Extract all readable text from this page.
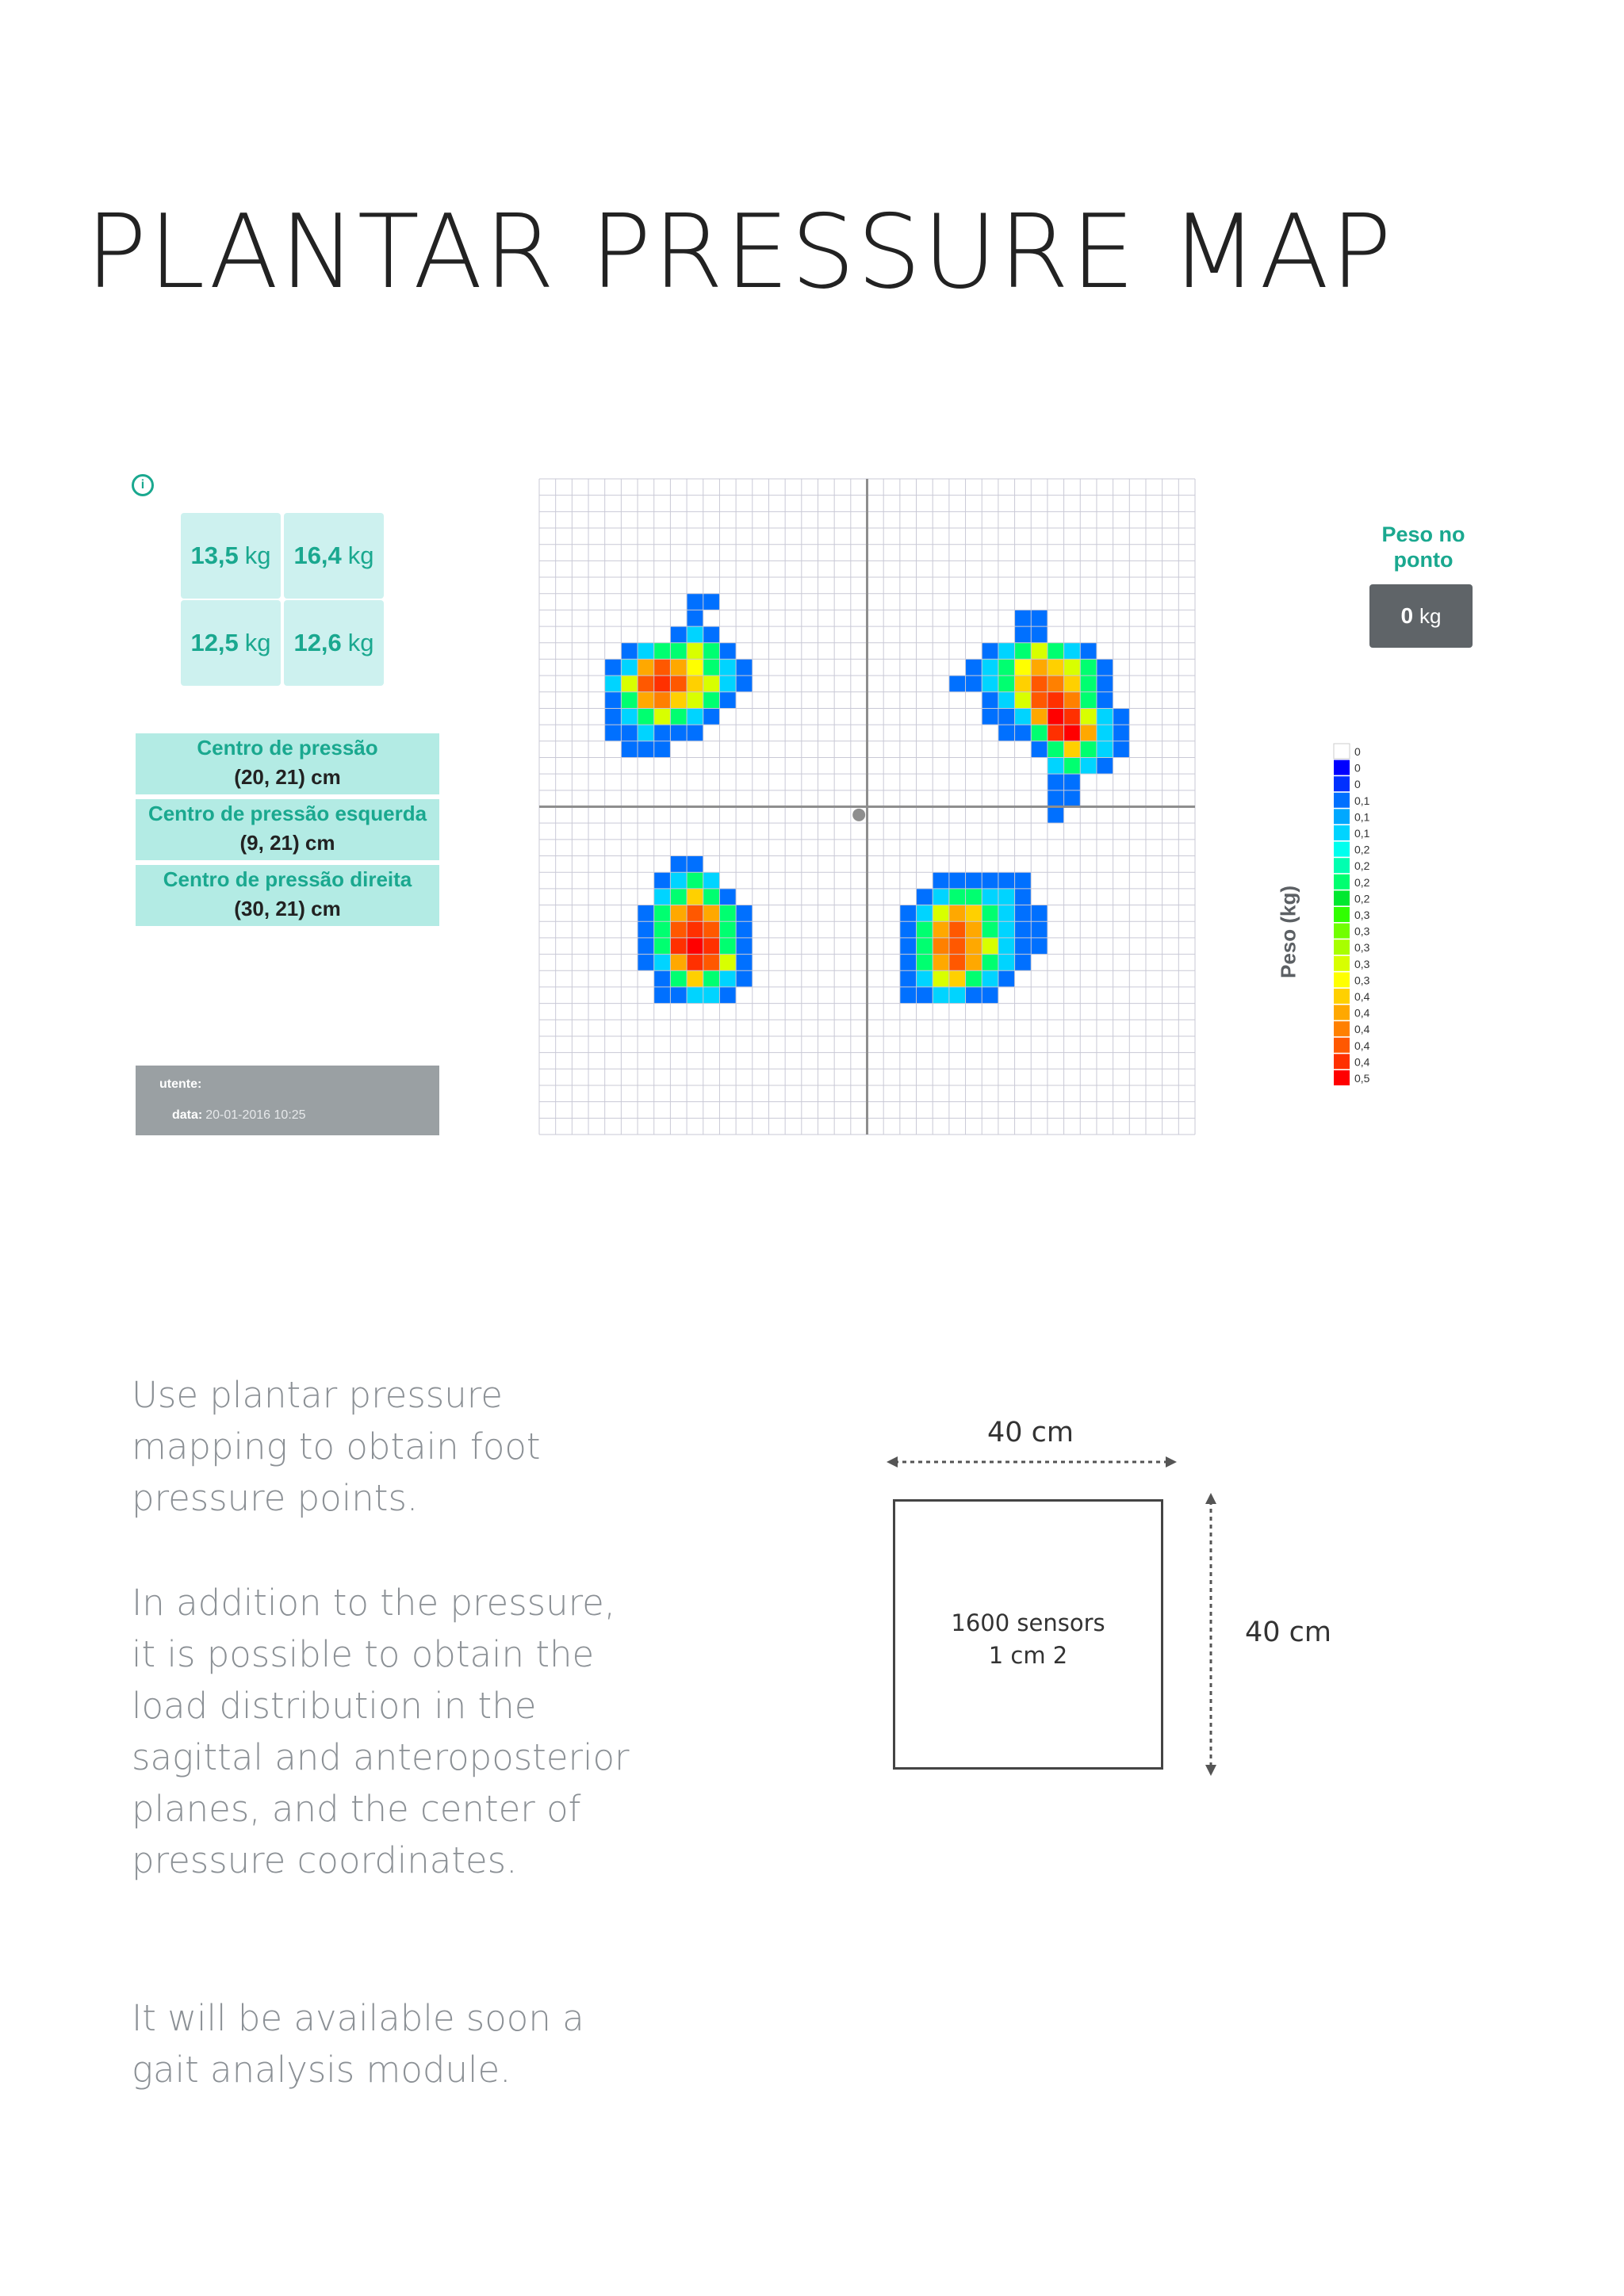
PLANTAR PRESSURE MAP
i
13,5 kg 16,4 kg
12,5 kg 12,6 kg
Centro de pressão
(20, 21) cm
Centro de pressão esquerda
(9, 21) cm
Centro de pressão direita
(30, 21) cm
utente:
data: 20-01-2016 10:25
Peso no
ponto
0 kg
Peso (kg)
0
0
0
0,1
0,1
0,1
0,2
0,2
0,2
0,2
0,3
0,3
0,3
0,3
0,3
0,4
0,4
0,4
0,4
0,4
0,5
Use plantar pressure mapping to obtain foot pressure points.
In addition to the pressure, it is possible to obtain the load distribution in the sagittal and anteroposterior planes, and the center of pressure coordinates.
It will be available soon a gait analysis module.
40 cm
1600 sensors
1 cm 2
40 cm
